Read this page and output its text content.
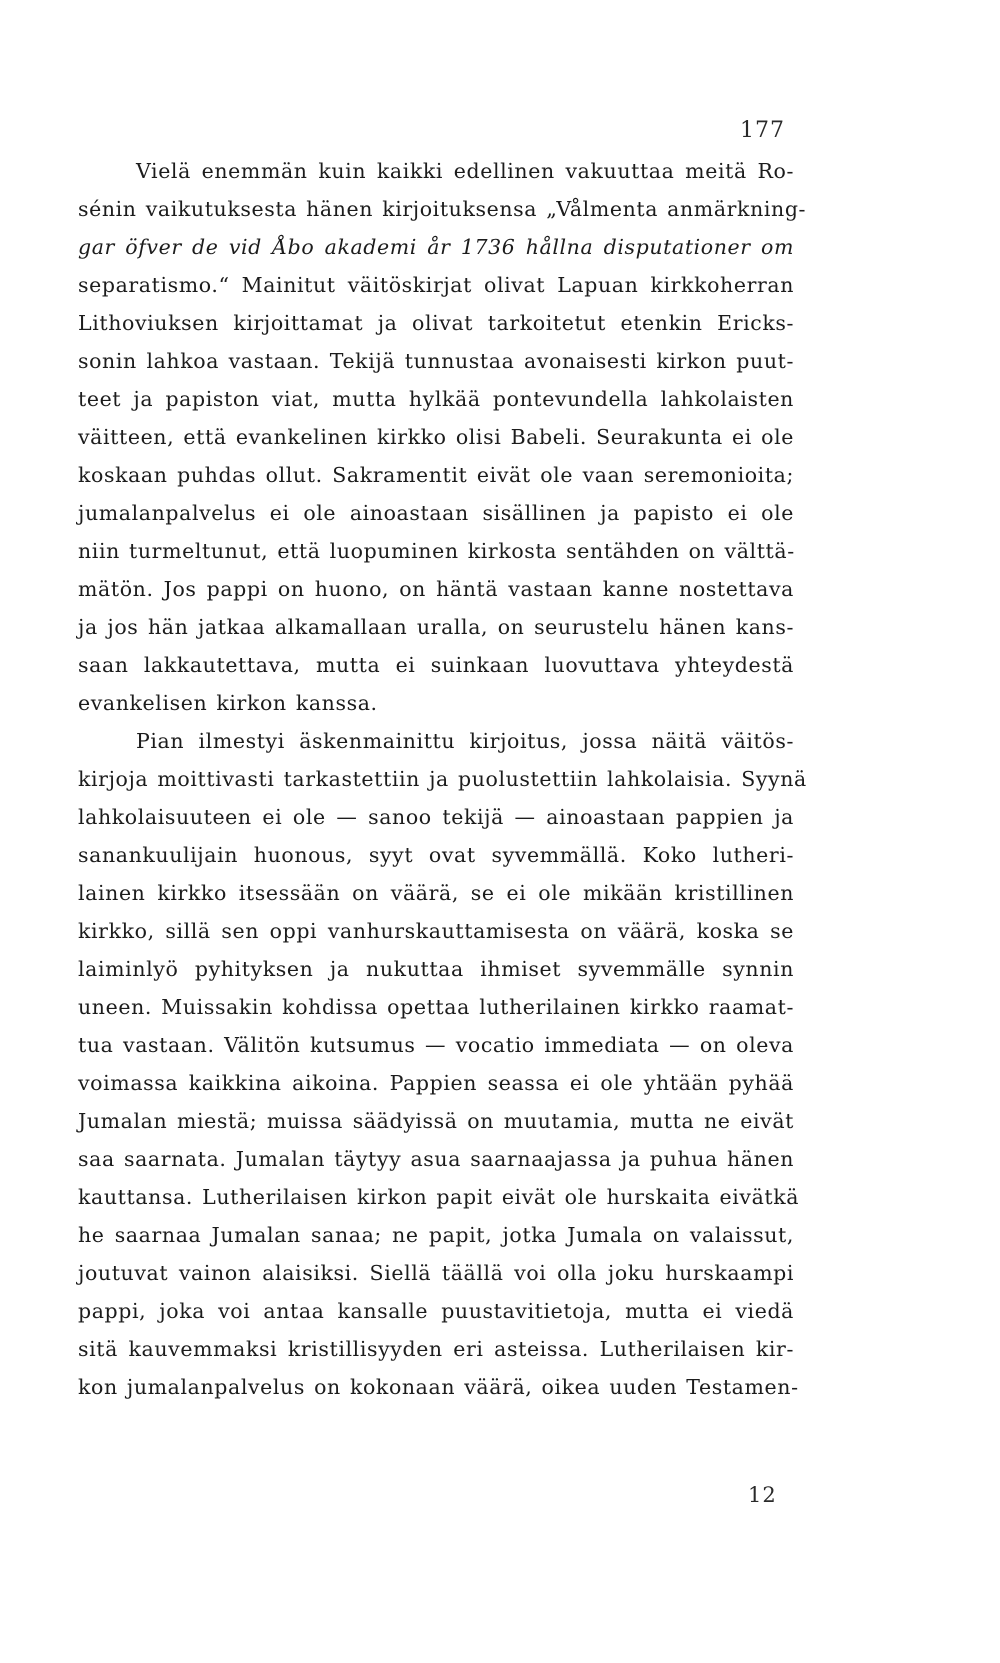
177
Vielä enemmän kuin kaikki edellinen vakuuttaa meitä Ro-
sénin vaikutuksesta hänen kirjoituksensa „Vålmenta anmärkning-
gar öfver de vid Åbo akademi år 1736 hållna disputationer om
separatismo.“ Mainitut väitöskirjat olivat Lapuan kirkkoherran
Lithoviuksen kirjoittamat ja olivat tarkoitetut etenkin Ericks-
sonin lahkoa vastaan. Tekijä tunnustaa avonaisesti kirkon puut-
teet ja papiston viat, mutta hylkää pontevundella lahkolaisten
väitteen, että evankelinen kirkko olisi Babeli. Seurakunta ei ole
koskaan puhdas ollut. Sakramentit eivät ole vaan seremonioita;
jumalanpalvelus ei ole ainoastaan sisällinen ja papisto ei ole
niin turmeltunut, että luopuminen kirkosta sentähden on välttä-
mätön. Jos pappi on huono, on häntä vastaan kanne nostettava
ja jos hän jatkaa alkamallaan uralla, on seurustelu hänen kans-
saan lakkautettava, mutta ei suinkaan luovuttava yhteydestä
evankelisen kirkon kanssa.
Pian ilmestyi äskenmainittu kirjoitus, jossa näitä väitös-
kirjoja moittivasti tarkastettiin ja puolustettiin lahkolaisia. Syynä
lahkolaisuuteen ei ole — sanoo tekijä — ainoastaan pappien ja
sanankuulijain huonous, syyt ovat syvemmällä. Koko lutheri-
lainen kirkko itsessään on väärä, se ei ole mikään kristillinen
kirkko, sillä sen oppi vanhurskauttamisesta on väärä, koska se
laiminlyö pyhityksen ja nukuttaa ihmiset syvemmälle synnin
uneen. Muissakin kohdissa opettaa lutherilainen kirkko raamat-
tua vastaan. Välitön kutsumus — vocatio immediata — on oleva
voimassa kaikkina aikoina. Pappien seassa ei ole yhtään pyhää
Jumalan miestä; muissa säädyissä on muutamia, mutta ne eivät
saa saarnata. Jumalan täytyy asua saarnaajassa ja puhua hänen
kauttansa. Lutherilaisen kirkon papit eivät ole hurskaita eivätkä
he saarnaa Jumalan sanaa; ne papit, jotka Jumala on valaissut,
joutuvat vainon alaisiksi. Siellä täällä voi olla joku hurskaampi
pappi, joka voi antaa kansalle puustavitietoja, mutta ei viedä
sitä kauvemmaksi kristillisyyden eri asteissa. Lutherilaisen kir-
kon jumalanpalvelus on kokonaan väärä, oikea uuden Testamen-
12
